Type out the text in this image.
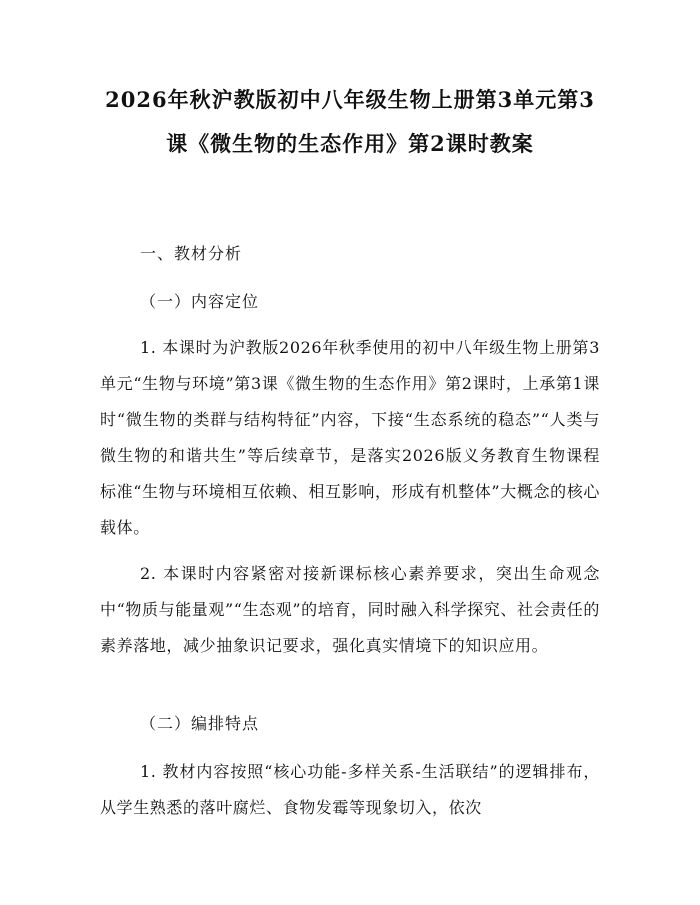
2026年秋沪教版初中八年级生物上册第3单元第3课《微生物的生态作用》第2课时教案
一、教材分析
（一）内容定位

1. 本课时为沪教版2026年秋季使用的初中八年级生物上册第3单元“生物与环境”第3课《微生物的生态作用》第2课时，上承第1课时“微生物的类群与结构特征”内容，下接“生态系统的稳态”“人类与微生物的和谐共生”等后续章节，是落实2026版义务教育生物课程标准“生物与环境相互依赖、相互影响，形成有机整体”大概念的核心载体。

2. 本课时内容紧密对接新课标核心素养要求，突出生命观念中“物质与能量观”“生态观”的培育，同时融入科学探究、社会责任的素养落地，减少抽象识记要求，强化真实情境下的知识应用。

（二）编排特点

1. 教材内容按照“核心功能-多样关系-生活联结”的逻辑排布，从学生熟悉的落叶腐烂、食物发霉等现象切入，依次
